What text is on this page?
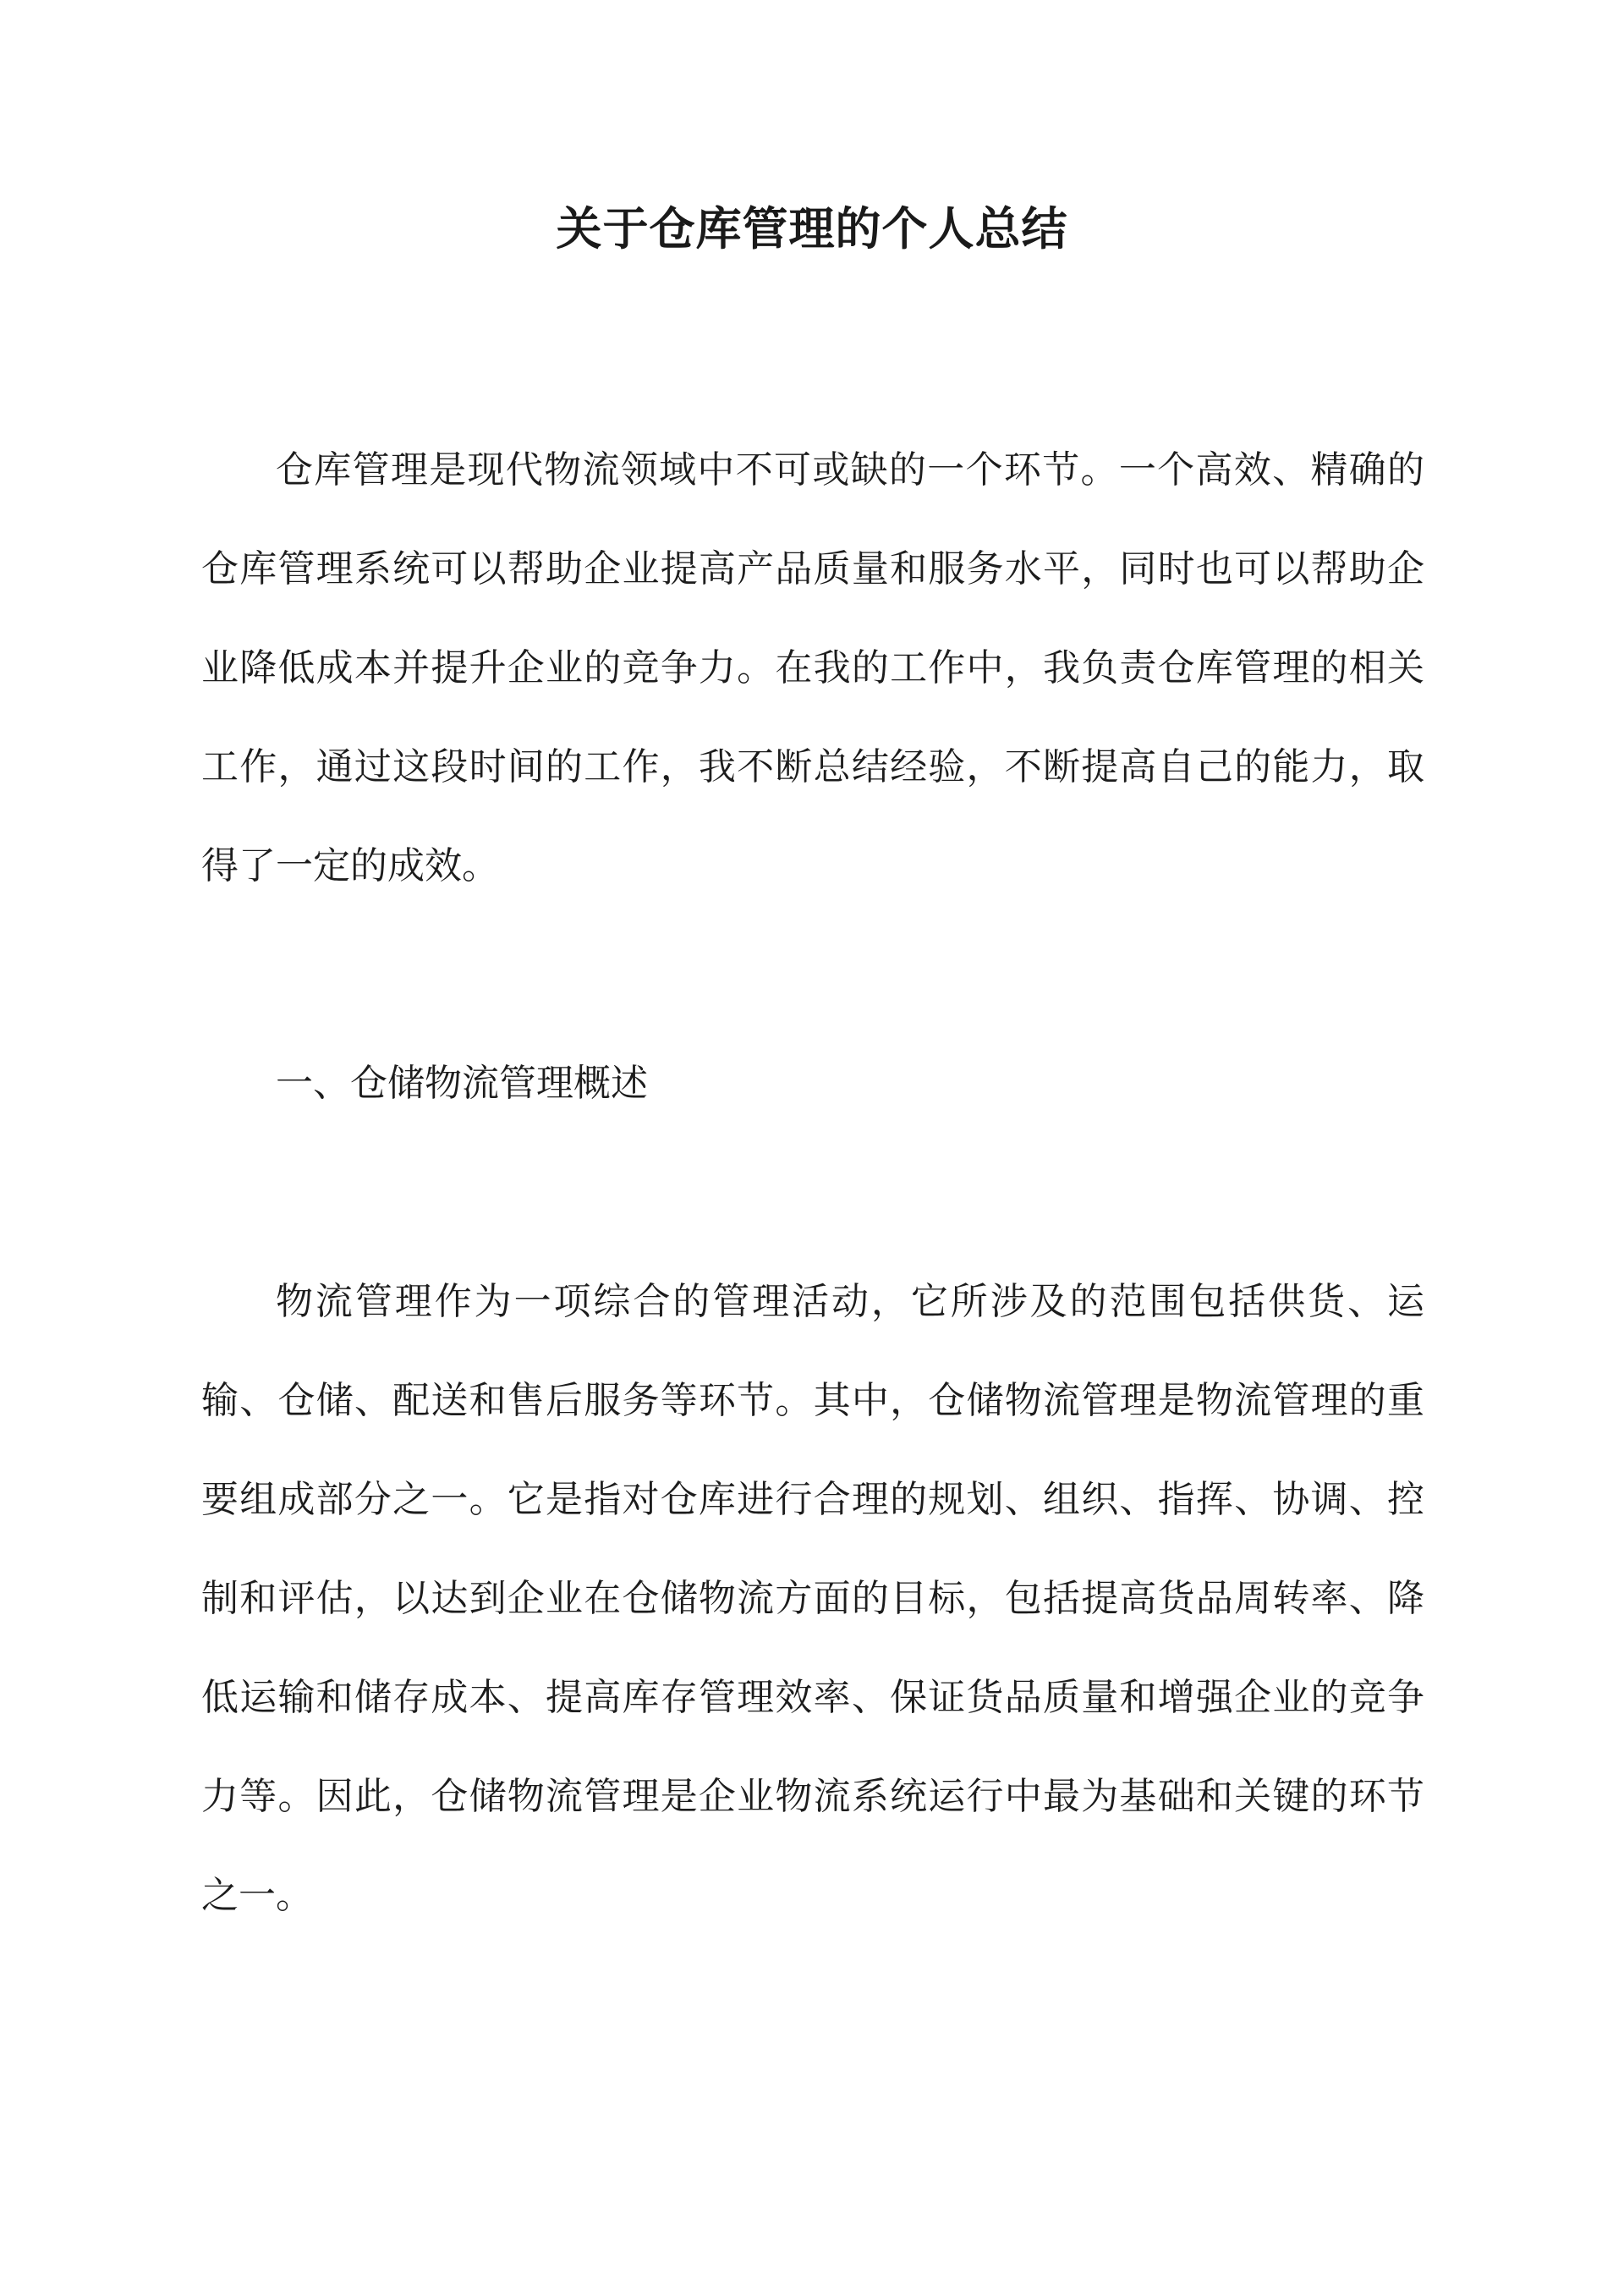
关于仓库管理的个人总结

仓库管理是现代物流领域中不可或缺的一个环节。一个高效、精确的仓库管理系统可以帮助企业提高产品质量和服务水平，同时也可以帮助企业降低成本并提升企业的竞争力。在我的工作中，我负责仓库管理的相关工作，通过这段时间的工作，我不断总结经验，不断提高自己的能力，取得了一定的成效。

一、仓储物流管理概述

物流管理作为一项综合的管理活动，它所涉及的范围包括供货、运输、仓储、配送和售后服务等环节。其中，仓储物流管理是物流管理的重要组成部分之一。它是指对仓库进行合理的规划、组织、指挥、协调、控制和评估，以达到企业在仓储物流方面的目标，包括提高货品周转率、降低运输和储存成本、提高库存管理效率、保证货品质量和增强企业的竞争力等。因此，仓储物流管理是企业物流系统运行中最为基础和关键的环节之一。
